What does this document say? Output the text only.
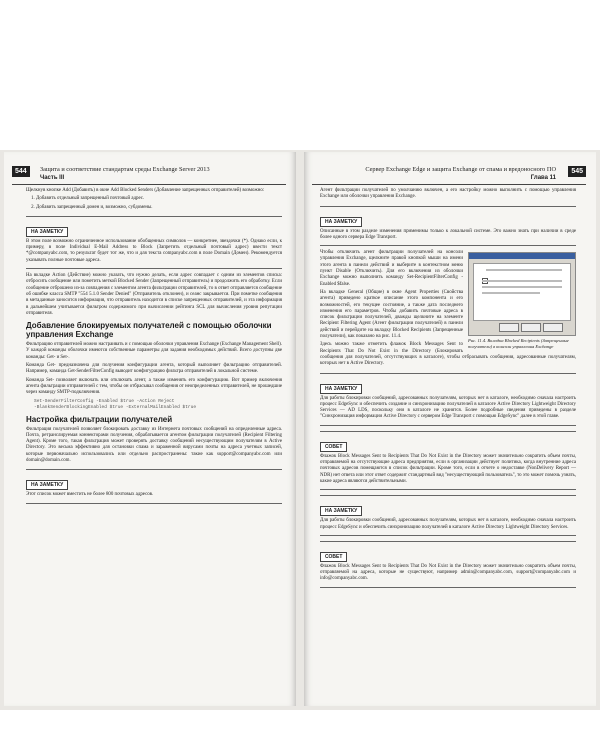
544	Защита и соответствие стандартам среды Exchange Server 2013
Часть III

Щелкнув кнопке Add (Добавить) в окне Add Blocked Senders (Добавление запрещенных отправителей) возможно:

1. Добавить отдельный запрещенный почтовый адрес.
2. Добавить запрещенный домен и, возможно, субдомены.
НА ЗАМЕТКУ

В этом поле возможно ограниченное использование обобщенных символов — конкретнее, звездочки (*). Однако если, к примеру, в поле Individual E-Mail Address to Block (Запретить отдельный почтовый адрес) ввести текст *@companyabc.com, то результат будет тот же, что и для текста companyabc.com в поле Domain (Домен). Рекомендуется указывать полные почтовые адреса.

На вкладке Action (Действие) можно указать, что нужно делать, если адрес совпадает с одним из элементов списка: отбросить сообщение или пометить меткой Blocked Sender (Запрещенный отправитель) и продолжить его обработку. Если сообщение отброшено из-за совпадения с элементом агента фильтрации отправителей, то в ответ отправляется сообщение об ошибке класса SMTP "554 5.1.0 Sender Denied" (Отправитель отклонен), и сеанс закрывается. При пометке сообщения в метаданные заносится информация, что отправитель находится в списке запрещенных отправителей, и эта информация в дальнейшем учитывается фильтром содержимого при вычислении рейтинга SCL для вычисления уровня репутации отправителя.

Добавление блокируемых получателей с помощью оболочки управления Exchange

Фильтрацию отправителей можно настраивать и с помощью оболочки управления Exchange (Exchange Management Shell). У каждой команды оболочки имеются собственные параметры для задания необходимых действий. Всего доступны две команды: Get- и Set-.

Команда Get- предназначена для получения конфигурации агента, который выполняет фильтрацию отправителей. Например, команда Get-SenderFilterConfig выводит конфигурацию фильтра отправителей в локальной системе.

Команда Set- позволяет включать или отключать агент, а также изменять его конфигурацию. Вот пример включения агента фильтрации отправителей с тем, чтобы он отбрасывал сообщения от неопределенных отправителей, не прошедшие через команду SMTP-подключения.

Set-SenderFilterConfig -Enabled $true -Action Reject
-BlankSenderBlockingEnabled $true -ExternalMailEnabled $true
Настройка фильтрации получателей

Фильтрация получателей позволяет блокировать доставку из Интернета почтовых сообщений на определенные адреса. Почта, ретранслируемая коннекторами получения, обрабатывается агентом фильтрации получателей (Recipient Filtering Agent). Кроме того, такая фильтрация может проверять доставку сообщений несуществующим получателям в Active Directory. Это весьма эффективно для остановки спама и зараженной вирусами почты на адреса учетных записей, которые первоначально использовались или отдельно распространены: такие как support@companyabc.com или domain@domain.com.

НА ЗАМЕТКУ

Этот список может вместить не более 800 почтовых адресов.

Сервер Exchange Edge и защита Exchange от спама и вредоносного ПО
Глава 11
545

Агент фильтрации получателей по умолчанию включен, а его настройку можно выполнить с помощью управления Exchange или оболочки управления Exchange.

НА ЗАМЕТКУ

Описанные в этом разделе изменения применимы только к локальной системе. Это важно знать при наличии в среде более одного сервера Edge Transport.

Рис. 11.4. Вкладка Blocked Recipients (Запрещенные получатели) в консоли управления Exchange

Чтобы отключить агент фильтрации получателей на консоли управления Exchange, щелкните правой кнопкой мыши на имени этого агента в панели действий и выберите в контекстном меню пункт Disable (Отключить). Для его включения из оболочки Exchange можно выполнить команду Set-RecipientFilterConfig -Enabled $false.

На вкладке General (Общие) в окне Agent Properties (Свойства агента) приведено краткое описание этого компонента и его возможностей, его текущее состояние, а также дата последнего изменения его параметров. Чтобы добавить почтовые адреса в список фильтрации получателей, дважды щелкните на элементе Recipient Filtering Agent (Агент фильтрации получателей) в панели действий и перейдите на вкладку Blocked Recipients (Запрещенные получатели), как показано на рис. 11.4.

Здесь можно также отметить флажок Block Messages Sent to Recipients That Do Not Exist in the Directory (Блокировать сообщения для получателей, отсутствующих в каталоге), чтобы отбрасывать сообщения, адресованные получателям, которых нет в Active Directory.

НА ЗАМЕТКУ

Для работы блокировки сообщений, адресованных получателям, которых нет в каталоге, необходимо сначала настроить процесс EdgeSync и обеспечить создание и синхронизацию получателей в каталоге Active Directory Lightweight Directory Services — AD LDS, поскольку они в каталоге не хранятся. Более подробные сведения приведены в разделе "Синхронизация информации Active Directory с сервером Edge Transport с помощью EdgeSync" далее в этой главе.

СОВЕТ

Флажок Block Messages Sent to Recipients That Do Not Exist in the Directory может значительно сократить объем почты, отправляемой на отсутствующие адреса предприятия, если в организации действует политика, когда внутренние адреса почтовых адресов помещаются в список фильтрации. Кроме того, если в отчете о недоставке (NonDelivery Report — NDR) нет ответа или этот ответ содержит стандартный вид "несуществующий пользователь", то это может помочь узнать, какие адреса являются действительными.

НА ЗАМЕТКУ

Для работы блокировки сообщений, адресованных получателям, которых нет в каталоге, необходимо сначала настроить процесс EdgeSync и обеспечить синхронизацию получателей в каталоге Active Directory Lightweight Directory Services.

СОВЕТ

Флажок Block Messages Sent to Recipients That Do Not Exist in the Directory может значительно сократить объем почты, отправляемой на адреса, которые не существуют, например admin@companyabc.com, support@companyabc.com и info@companyabc.com.
